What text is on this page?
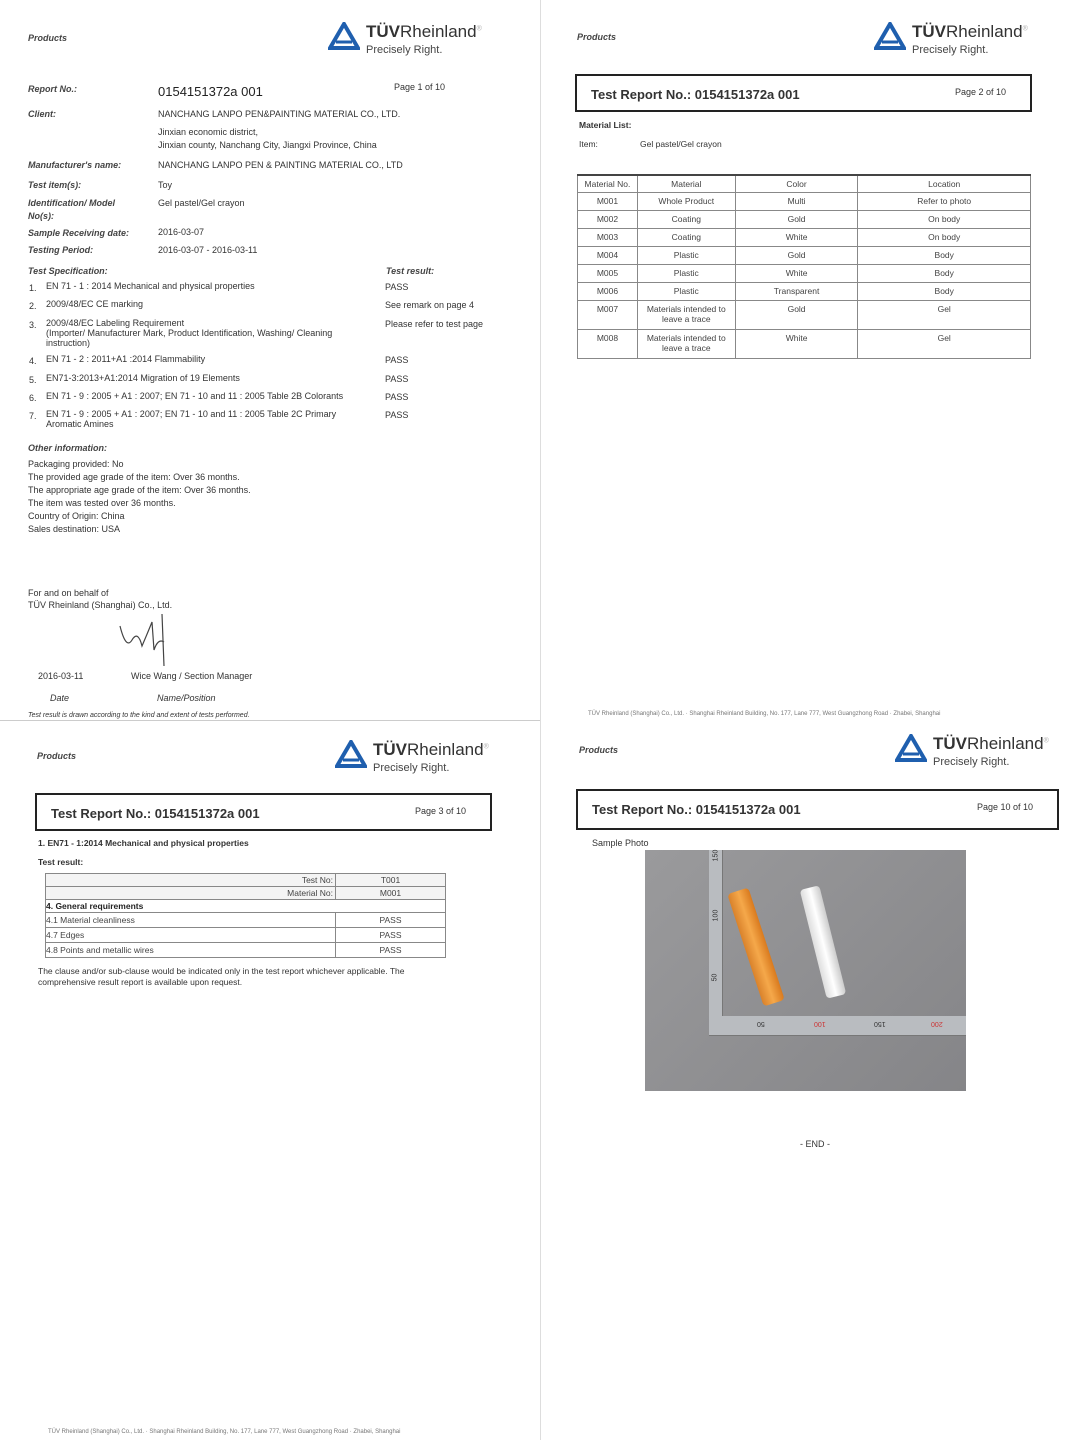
Products	TÜVRheinland®
Precisely Right.
Report No.:	0154151372a 001	Page 1 of 10
Client:	NANCHANG LANPO PEN&PAINTING MATERIAL CO., LTD.
Jinxian economic district,
Jinxian county, Nanchang City, Jiangxi Province, China
Manufacturer's name:	NANCHANG LANPO PEN & PAINTING MATERIAL CO., LTD
Test item(s):	Toy
Identification/ Model No(s):
Gel pastel/Gel crayon
Sample Receiving date:	2016-03-07
Testing Period:	2016-03-07 - 2016-03-11
Test Specification:	Test result:
1. EN 71 - 1 : 2014 Mechanical and physical properties	PASS
2. 2009/48/EC CE marking	See remark on page 4
3. 2009/48/EC Labeling Requirement
(Importer/ Manufacturer Mark, Product Identification, Washing/ Cleaning
instruction)
Please refer to test page
4. EN 71 - 2 : 2011+A1 :2014 Flammability	PASS
5. EN71-3:2013+A1:2014 Migration of 19 Elements	PASS
6. EN 71 - 9 : 2005 + A1 : 2007; EN 71 - 10 and 11 : 2005 Table 2B Colorants	PASS
7. EN 71 - 9 : 2005 + A1 : 2007; EN 71 - 10 and 11 : 2005 Table 2C Primary
Aromatic Amines
PASS
Other information:
Packaging provided: No
The provided age grade of the item: Over 36 months.
The appropriate age grade of the item: Over 36 months.
The item was tested over 36 months.
Country of Origin: China
Sales destination: USA
For and on behalf of
TÜV Rheinland (Shanghai) Co., Ltd.
2016-03-11	Wice Wang / Section Manager
Date	Name/Position
Test result is drawn according to the kind and extent of tests performed.
Products	TÜVRheinland®
Precisely Right.
Test Report No.: 0154151372a 001	Page 2 of 10
Material List:
Item:	Gel pastel/Gel crayon
Material No.	Material	Color	Location
M001	Whole Product	Multi	Refer to photo
M002	Coating	Gold	On body
M003	Coating	White	On body
M004	Plastic	Gold	Body
M005	Plastic	White	Body
M006	Plastic	Transparent	Body
M007	Materials intended to leave a trace	Gold	Gel
M008	Materials intended to leave a trace	White	Gel
TÜV Rheinland (Shanghai) Co., Ltd. · Shanghai Rheinland Building, No. 177, Lane 777, West Guangzhong Road · Zhabei, Shanghai
Products	TÜVRheinland®
Precisely Right.
Test Report No.: 0154151372a 001	Page 3 of 10
1. EN71 - 1:2014 Mechanical and physical properties
Test result:
Test No:	T001
Material No:	M001
4. General requirements	
4.1 Material cleanliness	PASS
4.7 Edges	PASS
4.8 Points and metallic wires	PASS
The clause and/or sub-clause would be indicated only in the test report whichever applicable. The
comprehensive result report is available upon request.
TÜV Rheinland (Shanghai) Co., Ltd. · Shanghai Rheinland Building, No. 177, Lane 777, West Guangzhong Road · Zhabei, Shanghai
Products	TÜVRheinland®
Precisely Right.
Test Report No.: 0154151372a 001	Page 10 of 10
Sample Photo
150
100
50
50	100	150	200
- END -
